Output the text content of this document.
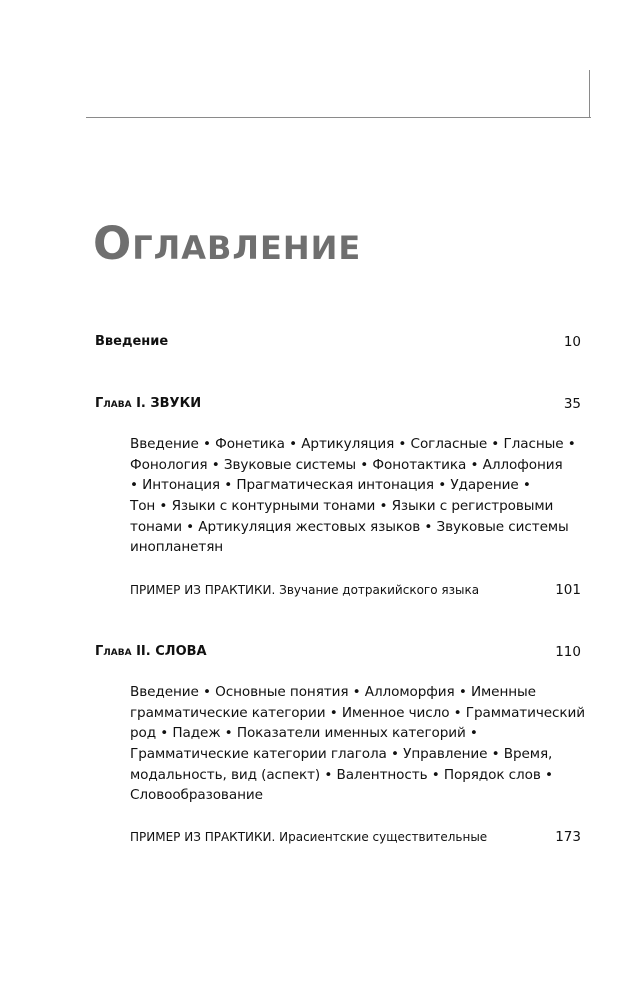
Оглавление
Введение	10
Глава I. ЗВУКИ	35
Введение • Фонетика • Артикуляция • Согласные • Гласные •
Фонология • Звуковые системы • Фонотактика • Аллофония
• Интонация • Прагматическая интонация • Ударение •
Тон • Языки с контурными тонами • Языки с регистровыми
тонами • Артикуляция жестовых языков • Звуковые системы
инопланетян
ПРИМЕР ИЗ ПРАКТИКИ. Звучание дотракийского языка	101
Глава II. СЛОВА	110
Введение • Основные понятия • Алломорфия • Именные
грамматические категории • Именное число • Грамматический
род • Падеж • Показатели именных категорий •
Грамматические категории глагола • Управление • Время,
модальность, вид (аспект) • Валентность • Порядок слов •
Словообразование
ПРИМЕР ИЗ ПРАКТИКИ. Ирасиентские существительные	173
